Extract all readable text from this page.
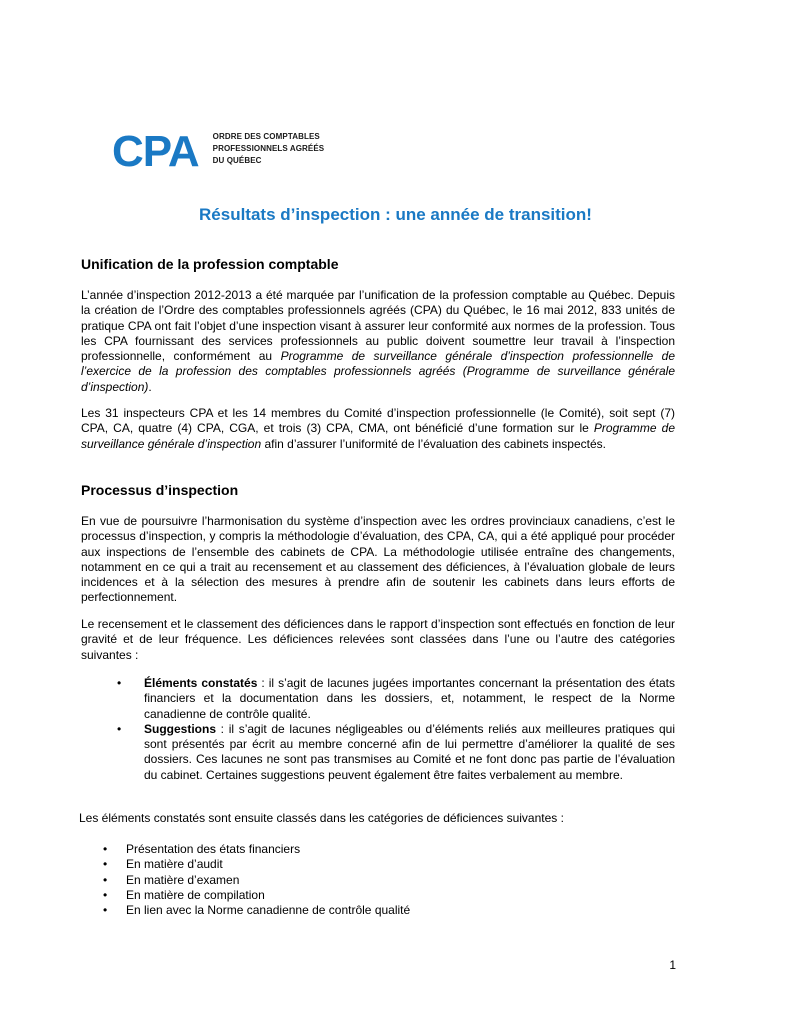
CPA ORDRE DES COMPTABLES
PROFESSIONNELS AGRÉÉS
DU QUÉBEC
Résultats d’inspection : une année de transition!
Unification de la profession comptable

L’année d’inspection 2012-2013 a été marquée par l’unification de la profession comptable au Québec. Depuis la création de l’Ordre des comptables professionnels agréés (CPA) du Québec, le 16 mai 2012, 833 unités de pratique CPA ont fait l’objet d’une inspection visant à assurer leur conformité aux normes de la profession. Tous les CPA fournissant des services professionnels au public doivent soumettre leur travail à l’inspection professionnelle, conformément au Programme de surveillance générale d’inspection professionnelle de l’exercice de la profession des comptables professionnels agréés (Programme de surveillance générale d’inspection).

Les 31 inspecteurs CPA et les 14 membres du Comité d’inspection professionnelle (le Comité), soit sept (7) CPA, CA, quatre (4) CPA, CGA, et trois (3) CPA, CMA, ont bénéficié d’une formation sur le Programme de surveillance générale d’inspection afin d’assurer l’uniformité de l’évaluation des cabinets inspectés.

Processus d’inspection

En vue de poursuivre l’harmonisation du système d’inspection avec les ordres provinciaux canadiens, c’est le processus d’inspection, y compris la méthodologie d’évaluation, des CPA, CA, qui a été appliqué pour procéder aux inspections de l’ensemble des cabinets de CPA. La méthodologie utilisée entraîne des changements, notamment en ce qui a trait au recensement et au classement des déficiences, à l’évaluation globale de leurs incidences et à la sélection des mesures à prendre afin de soutenir les cabinets dans leurs efforts de perfectionnement.

Le recensement et le classement des déficiences dans le rapport d’inspection sont effectués en fonction de leur gravité et de leur fréquence. Les déficiences relevées sont classées dans l’une ou l’autre des catégories suivantes :

• Éléments constatés : il s’agit de lacunes jugées importantes concernant la présentation des états financiers et la documentation dans les dossiers, et, notamment, le respect de la Norme canadienne de contrôle qualité.
• Suggestions : il s’agit de lacunes négligeables ou d’éléments reliés aux meilleures pratiques qui sont présentés par écrit au membre concerné afin de lui permettre d’améliorer la qualité de ses dossiers. Ces lacunes ne sont pas transmises au Comité et ne font donc pas partie de l’évaluation du cabinet. Certaines suggestions peuvent également être faites verbalement au membre.

Les éléments constatés sont ensuite classés dans les catégories de déficiences suivantes :

• Présentation des états financiers
• En matière d’audit
• En matière d’examen
• En matière de compilation
• En lien avec la Norme canadienne de contrôle qualité
1
